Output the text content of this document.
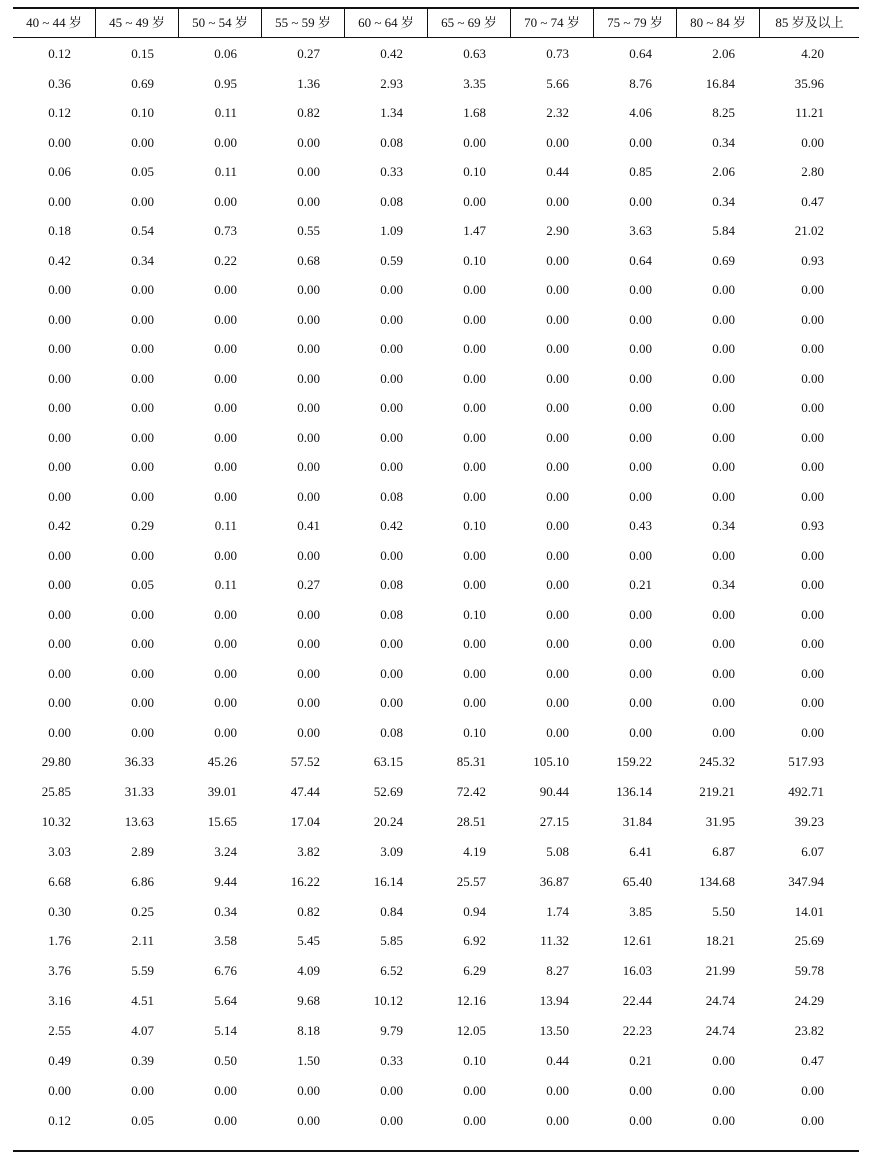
40 ~ 44 岁	45 ~ 49 岁	50 ~ 54 岁	55 ~ 59 岁	60 ~ 64 岁	65 ~ 69 岁	70 ~ 74 岁	75 ~ 79 岁	80 ~ 84 岁	85 岁及以上
0.12	0.15	0.06	0.27	0.42	0.63	0.73	0.64	2.06	4.20
0.36	0.69	0.95	1.36	2.93	3.35	5.66	8.76	16.84	35.96
0.12	0.10	0.11	0.82	1.34	1.68	2.32	4.06	8.25	11.21
0.00	0.00	0.00	0.00	0.08	0.00	0.00	0.00	0.34	0.00
0.06	0.05	0.11	0.00	0.33	0.10	0.44	0.85	2.06	2.80
0.00	0.00	0.00	0.00	0.08	0.00	0.00	0.00	0.34	0.47
0.18	0.54	0.73	0.55	1.09	1.47	2.90	3.63	5.84	21.02
0.42	0.34	0.22	0.68	0.59	0.10	0.00	0.64	0.69	0.93
0.00	0.00	0.00	0.00	0.00	0.00	0.00	0.00	0.00	0.00
0.00	0.00	0.00	0.00	0.00	0.00	0.00	0.00	0.00	0.00
0.00	0.00	0.00	0.00	0.00	0.00	0.00	0.00	0.00	0.00
0.00	0.00	0.00	0.00	0.00	0.00	0.00	0.00	0.00	0.00
0.00	0.00	0.00	0.00	0.00	0.00	0.00	0.00	0.00	0.00
0.00	0.00	0.00	0.00	0.00	0.00	0.00	0.00	0.00	0.00
0.00	0.00	0.00	0.00	0.00	0.00	0.00	0.00	0.00	0.00
0.00	0.00	0.00	0.00	0.08	0.00	0.00	0.00	0.00	0.00
0.42	0.29	0.11	0.41	0.42	0.10	0.00	0.43	0.34	0.93
0.00	0.00	0.00	0.00	0.00	0.00	0.00	0.00	0.00	0.00
0.00	0.05	0.11	0.27	0.08	0.00	0.00	0.21	0.34	0.00
0.00	0.00	0.00	0.00	0.08	0.10	0.00	0.00	0.00	0.00
0.00	0.00	0.00	0.00	0.00	0.00	0.00	0.00	0.00	0.00
0.00	0.00	0.00	0.00	0.00	0.00	0.00	0.00	0.00	0.00
0.00	0.00	0.00	0.00	0.00	0.00	0.00	0.00	0.00	0.00
0.00	0.00	0.00	0.00	0.08	0.10	0.00	0.00	0.00	0.00
29.80	36.33	45.26	57.52	63.15	85.31	105.10	159.22	245.32	517.93
25.85	31.33	39.01	47.44	52.69	72.42	90.44	136.14	219.21	492.71
10.32	13.63	15.65	17.04	20.24	28.51	27.15	31.84	31.95	39.23
3.03	2.89	3.24	3.82	3.09	4.19	5.08	6.41	6.87	6.07
6.68	6.86	9.44	16.22	16.14	25.57	36.87	65.40	134.68	347.94
0.30	0.25	0.34	0.82	0.84	0.94	1.74	3.85	5.50	14.01
1.76	2.11	3.58	5.45	5.85	6.92	11.32	12.61	18.21	25.69
3.76	5.59	6.76	4.09	6.52	6.29	8.27	16.03	21.99	59.78
3.16	4.51	5.64	9.68	10.12	12.16	13.94	22.44	24.74	24.29
2.55	4.07	5.14	8.18	9.79	12.05	13.50	22.23	24.74	23.82
0.49	0.39	0.50	1.50	0.33	0.10	0.44	0.21	0.00	0.47
0.00	0.00	0.00	0.00	0.00	0.00	0.00	0.00	0.00	0.00
0.12	0.05	0.00	0.00	0.00	0.00	0.00	0.00	0.00	0.00
